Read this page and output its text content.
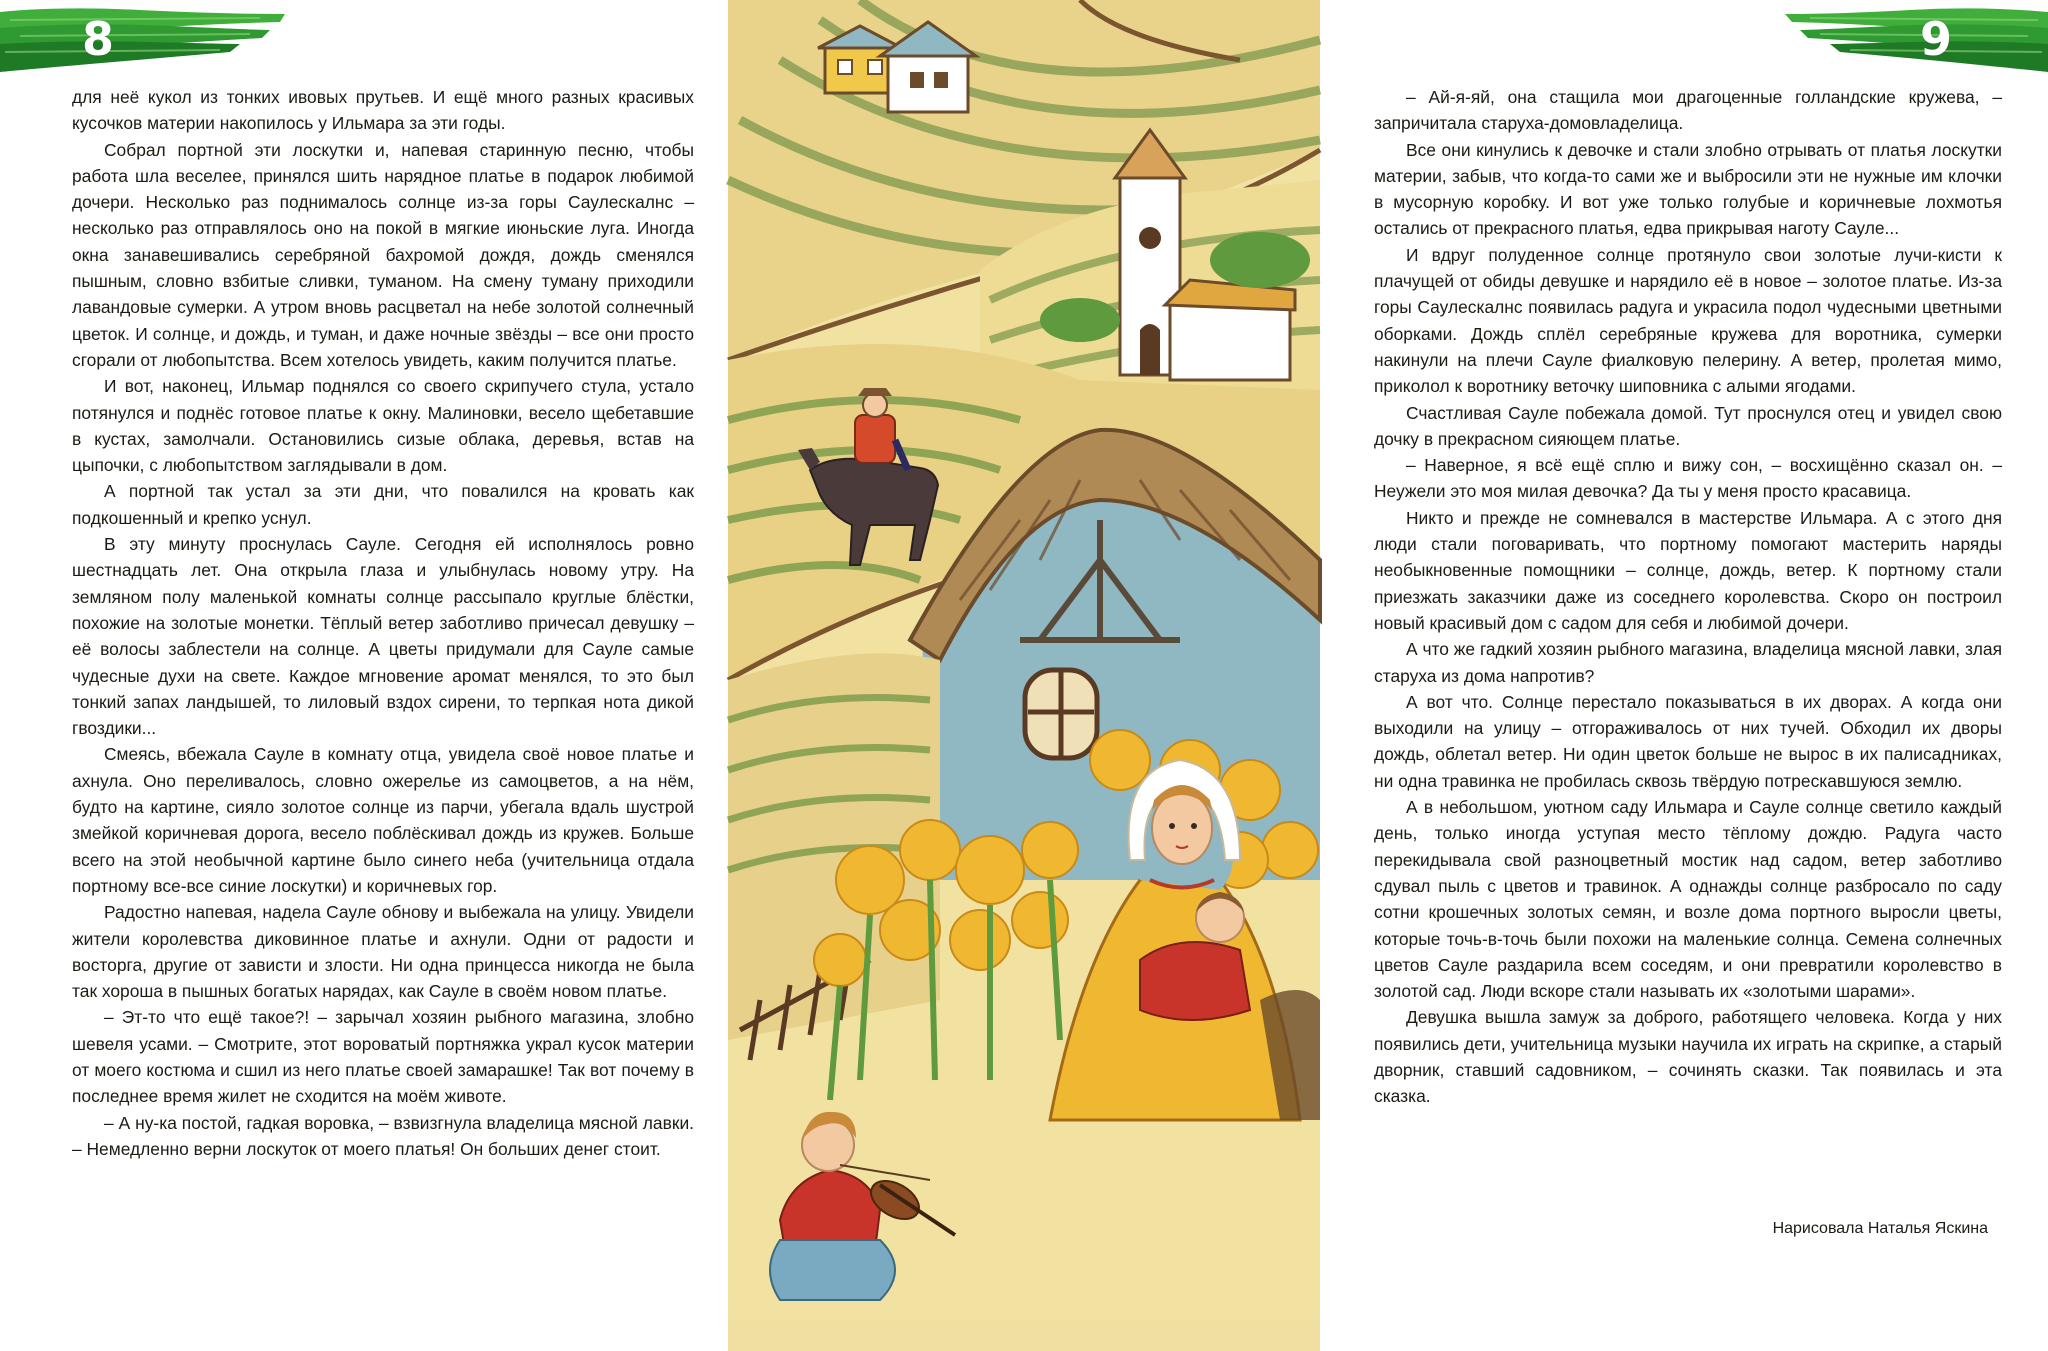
8

для неё кукол из тонких ивовых прутьев. И ещё много разных красивых кусочков материи накопилось у Ильмара за эти годы.

Собрал портной эти лоскутки и, напевая старинную песню, чтобы работа шла веселее, принялся шить нарядное платье в подарок любимой дочери. Несколько раз поднималось солнце из-за горы Саулескалнс – несколько раз отправлялось оно на покой в мягкие июньские луга. Иногда окна занавешивались серебряной бахромой дождя, дождь сменялся пышным, словно взбитые сливки, туманом. На смену туману приходили лавандовые сумерки. А утром вновь расцветал на небе золотой солнечный цветок. И солнце, и дождь, и туман, и даже ночные звёзды – все они просто сгорали от любопытства. Всем хотелось увидеть, каким получится платье.

И вот, наконец, Ильмар поднялся со своего скрипучего стула, устало потянулся и поднёс готовое платье к окну. Малиновки, весело щебетавшие в кустах, замолчали. Остановились сизые облака, деревья, встав на цыпочки, с любопытством заглядывали в дом.

А портной так устал за эти дни, что повалился на кровать как подкошенный и крепко уснул.

В эту минуту проснулась Сауле. Сегодня ей исполнялось ровно шестнадцать лет. Она открыла глаза и улыбнулась новому утру. На земляном полу маленькой комнаты солнце рассыпало круглые блёстки, похожие на золотые монетки. Тёплый ветер заботливо причесал девушку – её волосы заблестели на солнце. А цветы придумали для Сауле самые чудесные духи на свете. Каждое мгновение аромат менялся, то это был тонкий запах ландышей, то лиловый вздох сирени, то терпкая нота дикой гвоздики...

Смеясь, вбежала Сауле в комнату отца, увидела своё новое платье и ахнула. Оно переливалось, словно ожерелье из самоцветов, а на нём, будто на картине, сияло золотое солнце из парчи, убегала вдаль шустрой змейкой коричневая дорога, весело поблёскивал дождь из кружев. Больше всего на этой необычной картине было синего неба (учительница отдала портному все-все синие лоскутки) и коричневых гор.

Радостно напевая, надела Сауле обнову и выбежала на улицу. Увидели жители королевства диковинное платье и ахнули. Одни от радости и восторга, другие от зависти и злости. Ни одна принцесса никогда не была так хороша в пышных богатых нарядах, как Сауле в своём новом платье.

– Эт-то что ещё такое?! – зарычал хозяин рыбного магазина, злобно шевеля усами. – Смотрите, этот вороватый портняжка украл кусок материи от моего костюма и сшил из него платье своей замарашке! Так вот почему в последнее время жилет не сходится на моём животе.

– А ну-ка постой, гадкая воровка, – взвизгнула владелица мясной лавки. – Немедленно верни лоскуток от моего платья! Он больших денег стоит.

9

– Ай-я-яй, она стащила мои драгоценные голландские кружева, – запричитала старуха-домовладелица.

Все они кинулись к девочке и стали злобно отрывать от платья лоскутки материи, забыв, что когда-то сами же и выбросили эти не нужные им клочки в мусорную коробку. И вот уже только голубые и коричневые лохмотья остались от прекрасного платья, едва прикрывая наготу Сауле...

И вдруг полуденное солнце протянуло свои золотые лучи-кисти к плачущей от обиды девушке и нарядило её в новое – золотое платье. Из-за горы Саулескалнс появилась радуга и украсила подол чудесными цветными оборками. Дождь сплёл серебряные кружева для воротника, сумерки накинули на плечи Сауле фиалковую пелерину. А ветер, пролетая мимо, приколол к воротнику веточку шиповника с алыми ягодами.

Счастливая Сауле побежала домой. Тут проснулся отец и увидел свою дочку в прекрасном сияющем платье.

– Наверное, я всё ещё сплю и вижу сон, – восхищённо сказал он. – Неужели это моя милая девочка? Да ты у меня просто красавица.

Никто и прежде не сомневался в мастерстве Ильмара. А с этого дня люди стали поговаривать, что портному помогают мастерить наряды необыкновенные помощники – солнце, дождь, ветер. К портному стали приезжать заказчики даже из соседнего королевства. Скоро он построил новый красивый дом с садом для себя и любимой дочери.

А что же гадкий хозяин рыбного магазина, владелица мясной лавки, злая старуха из дома напротив?

А вот что. Солнце перестало показываться в их дворах. А когда они выходили на улицу – отгораживалось от них тучей. Обходил их дворы дождь, облетал ветер. Ни один цветок больше не вырос в их палисадниках, ни одна травинка не пробилась сквозь твёрдую потрескавшуюся землю.

А в небольшом, уютном саду Ильмара и Сауле солнце светило каждый день, только иногда уступая место тёплому дождю. Радуга часто перекидывала свой разноцветный мостик над садом, ветер заботливо сдувал пыль с цветов и травинок. А однажды солнце разбросало по саду сотни крошечных золотых семян, и возле дома портного выросли цветы, которые точь-в-точь были похожи на маленькие солнца. Семена солнечных цветов Сауле раздарила всем соседям, и они превратили королевство в золотой сад. Люди вскоре стали называть их «золотыми шарами».

Девушка вышла замуж за доброго, работящего человека. Когда у них появились дети, учительница музыки научила их играть на скрипке, а старый дворник, ставший садовником, – сочинять сказки. Так появилась и эта сказка.

Нарисовала Наталья Яскина
